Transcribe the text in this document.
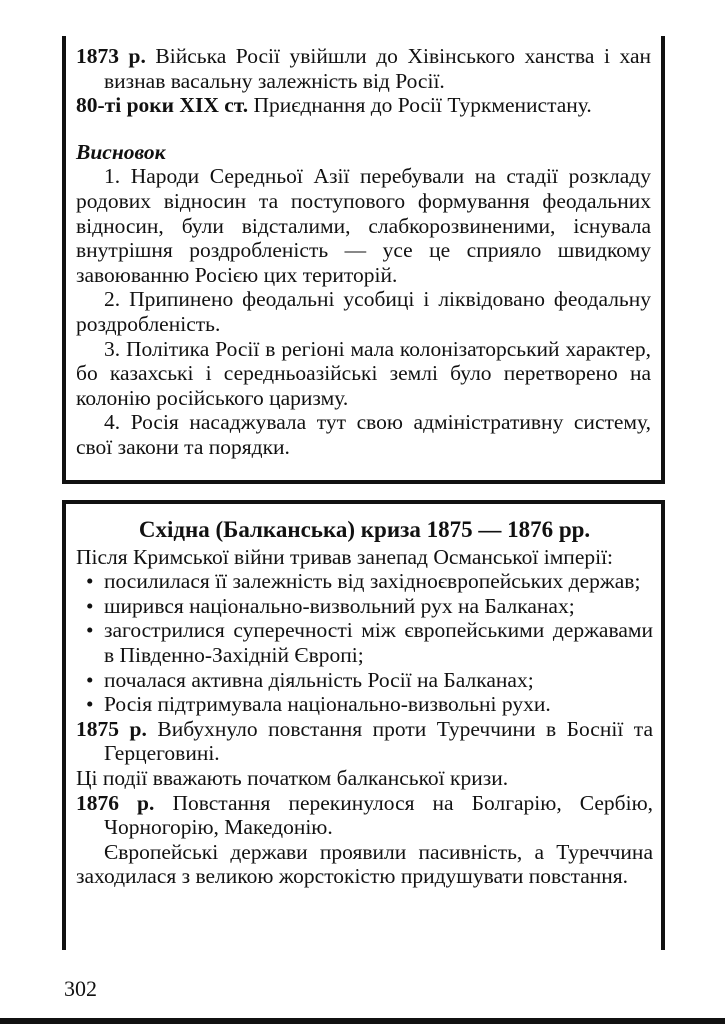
1873 р. Війська Росії увійшли до Хівінського ханства і хан визнав васальну залежність від Росії.

80-ті роки XIX ст. Приєднання до Росії Туркменистану.

Висновок

1. Народи Середньої Азії перебували на стадії розкладу родових відносин та поступового формування феодальних відносин, були відсталими, слабкорозвиненими, існувала внутрішня роздробленість — усе це сприяло швидкому завоюванню Росією цих територій.

2. Припинено феодальні усобиці і ліквідовано феодальну роздробленість.

3. Політика Росії в регіоні мала колонізаторський характер, бо казахські і середньоазійські землі було перетворено на колонію російського царизму.

4. Росія насаджувала тут свою адміністративну систему, свої закони та порядки.

Східна (Балканська) криза 1875 — 1876 рр.

Після Кримської війни тривав занепад Османської імперії:

• посилилася її залежність від західноєвропейських держав;

• ширився національно-визвольний рух на Балканах;

• загострилися суперечності між європейськими державами в Південно-Західній Європі;

• почалася активна діяльність Росії на Балканах;

• Росія підтримувала національно-визвольні рухи.

1875 р. Вибухнуло повстання проти Туреччини в Боснії та Герцеговині.

Ці події вважають початком балканської кризи.

1876 р. Повстання перекинулося на Болгарію, Сербію, Чорногорію, Македонію.

Європейські держави проявили пасивність, а Туреччина заходилася з великою жорстокістю придушувати повстання.

302
